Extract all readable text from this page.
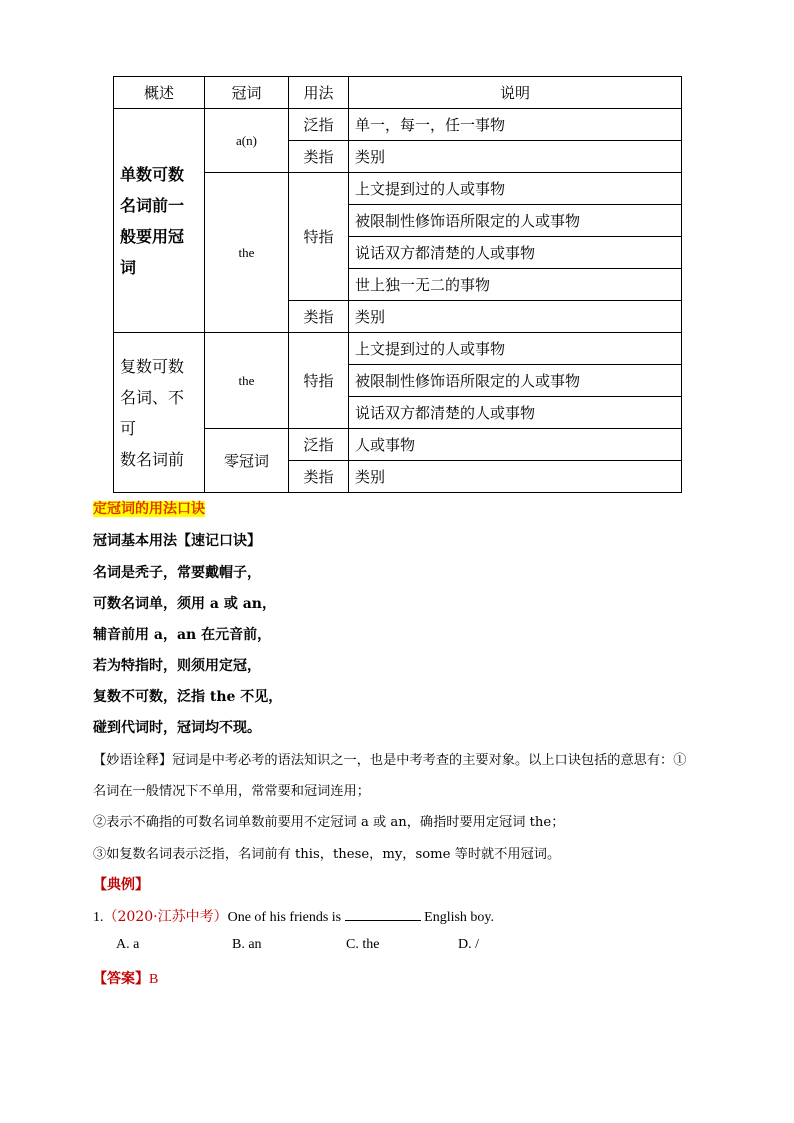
概述	冠词	用法	说明

单数可数
名词前一
般要用冠
词	a(n)	泛指	单一，每一，任一事物
		类指	类别
	the	特指	上文提到过的人或事物
			被限制性修饰语所限定的人或事物
			说话双方都清楚的人或事物
			世上独一无二的事物
		类指	类别

复数可数
名词、不可
数名词前	the	特指	上文提到过的人或事物
			被限制性修饰语所限定的人或事物
			说话双方都清楚的人或事物
	零冠词	泛指	人或事物
		类指	类别
定冠词的用法口诀
冠词基本用法【速记口诀】
名词是秃子，常要戴帽子，
可数名词单，须用 a 或 an，
辅音前用 a，an 在元音前，
若为特指时，则须用定冠，
复数不可数，泛指 the 不见，
碰到代词时，冠词均不现。
【妙语诠释】冠词是中考必考的语法知识之一，也是中考考查的主要对象。以上口诀包括的意思有：①
名词在一般情况下不单用，常常要和冠词连用；
②表示不确指的可数名词单数前要用不定冠词 a 或 an，确指时要用定冠词 the；
③如复数名词表示泛指，名词前有 this，these，my，some 等时就不用冠词。
【典例】
1.（2020·江苏中考）One of his friends is	English boy.
A. a	B. an	C. the	D. /
【答案】B
